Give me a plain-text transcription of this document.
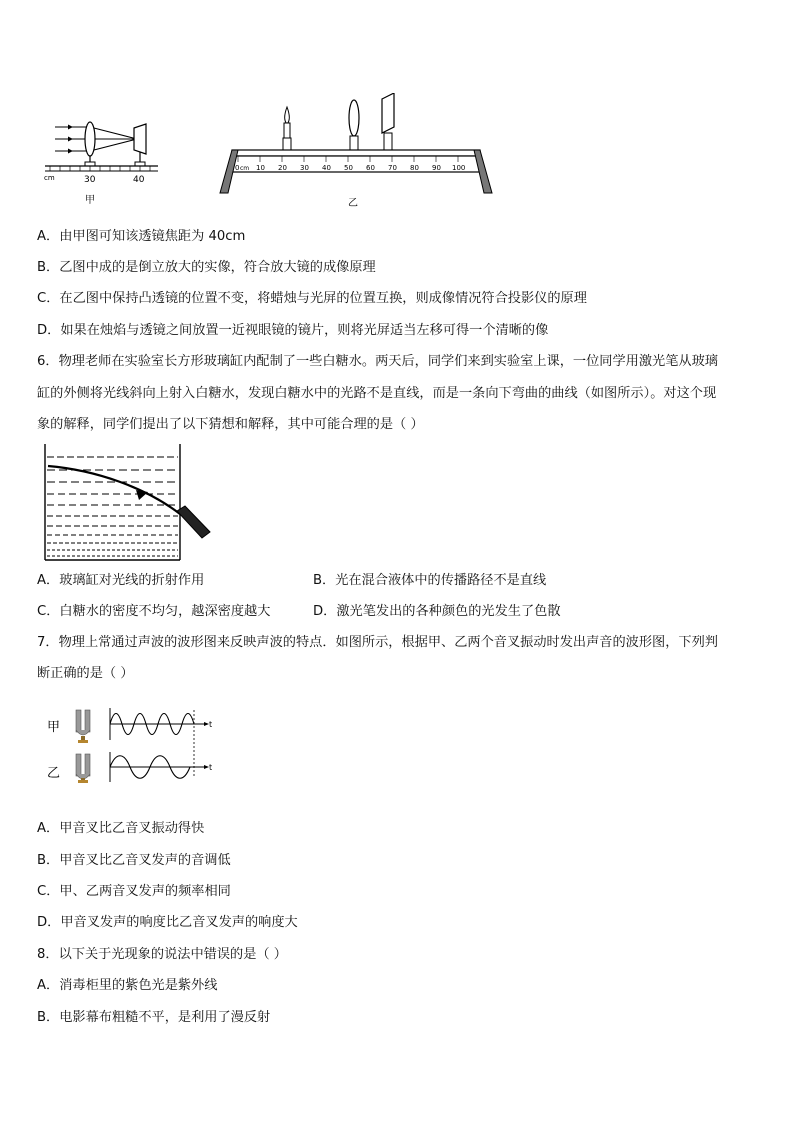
cm	30	40
甲
0 cm 10 20 30 40 50 60 70 80 90 100
乙
A．由甲图可知该透镜焦距为 40cm
B．乙图中成的是倒立放大的实像，符合放大镜的成像原理
C．在乙图中保持凸透镜的位置不变，将蜡烛与光屏的位置互换，则成像情况符合投影仪的原理
D．如果在烛焰与透镜之间放置一近视眼镜的镜片，则将光屏适当左移可得一个清晰的像
6．物理老师在实验室长方形玻璃缸内配制了一些白糖水。两天后，同学们来到实验室上课，一位同学用激光笔从玻璃
缸的外侧将光线斜向上射入白糖水，发现白糖水中的光路不是直线，而是一条向下弯曲的曲线（如图所示）。对这个现
象的解释，同学们提出了以下猜想和解释，其中可能合理的是（ ）
A．玻璃缸对光线的折射作用	B．光在混合液体中的传播路径不是直线
C．白糖水的密度不均匀，越深密度越大	D．激光笔发出的各种颜色的光发生了色散
7．物理上常通过声波的波形图来反映声波的特点．如图所示，根据甲、乙两个音叉振动时发出声音的波形图，下列判
断正确的是（ ）
甲
乙
t
t
A．甲音叉比乙音叉振动得快
B．甲音叉比乙音叉发声的音调低
C．甲、乙两音叉发声的频率相同
D．甲音叉发声的响度比乙音叉发声的响度大
8．以下关于光现象的说法中错误的是（ ）
A．消毒柜里的紫色光是紫外线
B．电影幕布粗糙不平，是利用了漫反射
